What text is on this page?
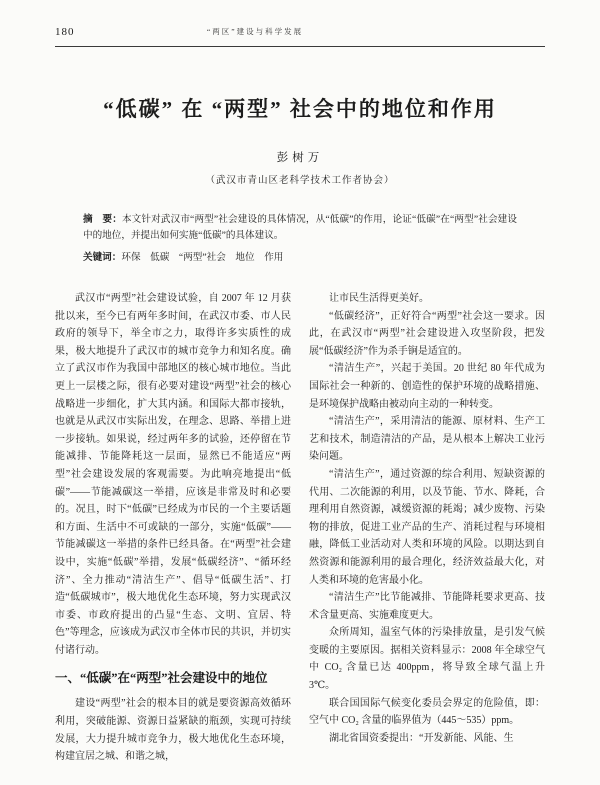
180	“两区”建设与科学发展
“低碳” 在 “两型” 社会中的地位和作用
彭树万
（武汉市青山区老科学技术工作者协会）
摘　要：本文针对武汉市“两型”社会建设的具体情况，从“低碳”的作用，论证“低碳”在“两型”社会建设中的地位，并提出如何实施“低碳”的具体建议。
关键词：环保　低碳　“两型”社会　地位　作用

武汉市“两型”社会建设试验，自 2007 年 12 月获批以来，至今已有两年多时间，在武汉市委、市人民政府的领导下，举全市之力，取得许多实质性的成果，极大地提升了武汉市的城市竞争力和知名度。确立了武汉市作为我国中部地区的核心城市地位。当此更上一层楼之际，很有必要对建设“两型”社会的核心战略进一步细化，扩大其内涵。和国际大都市接轨，也就是从武汉市实际出发，在理念、思路、举措上进一步接轨。如果说，经过两年多的试验，还停留在节能减排、节能降耗这一层面，显然已不能适应“两型”社会建设发展的客观需要。为此响亮地提出“低碳”——节能减碳这一举措，应该是非常及时和必要的。况且，时下“低碳”已经成为市民的一个主要话题和方面、生活中不可或缺的一部分，实施“低碳”——节能减碳这一举措的条件已经具备。在“两型”社会建设中，实施“低碳”举措，发展“低碳经济”、“循环经济”、全力推动“清洁生产”、倡导“低碳生活”、打造“低碳城市”，极大地优化生态环境，努力实现武汉市委、市政府提出的凸显“生态、文明、宜居、特色”等理念，应该成为武汉市全体市民的共识，并切实付诸行动。

一、“低碳”在“两型”社会建设中的地位

建设“两型”社会的根本目的就是要资源高效循环利用，突破能源、资源日益紧缺的瓶颈，实现可持续发展，大力提升城市竞争力，极大地优化生态环境，构建宜居之城、和谐之城，

让市民生活得更美好。

“低碳经济”，正好符合“两型”社会这一要求。因此，在武汉市“两型”社会建设进入攻坚阶段，把发展“低碳经济”作为杀手锏是适宜的。

“清洁生产”，兴起于美国。20 世纪 80 年代成为国际社会一种新的、创造性的保护环境的战略措施、是环境保护战略由被动向主动的一种转变。

“清洁生产”，采用清洁的能源、原材料、生产工艺和技术，制造清洁的产品，是从根本上解决工业污染问题。

“清洁生产”，通过资源的综合利用、短缺资源的代用、二次能源的利用，以及节能、节水、降耗，合理利用自然资源，减缓资源的耗竭；减少废物、污染物的排放，促进工业产品的生产、消耗过程与环境相融，降低工业活动对人类和环境的风险。以期达到自然资源和能源利用的最合理化，经济效益最大化，对人类和环境的危害最小化。

“清洁生产”比节能减排、节能降耗要求更高、技术含量更高、实施难度更大。

众所周知，温室气体的污染排放量，是引发气候变暖的主要原因。据相关资料显示：2008 年全球空气中 CO₂ 含量已达 400ppm，将导致全球气温上升 3℃。

联合国国际气候变化委员会界定的危险值，即：空气中 CO₂ 含量的临界值为（445～535）ppm。

湖北省国资委提出：“开发新能、风能、生
